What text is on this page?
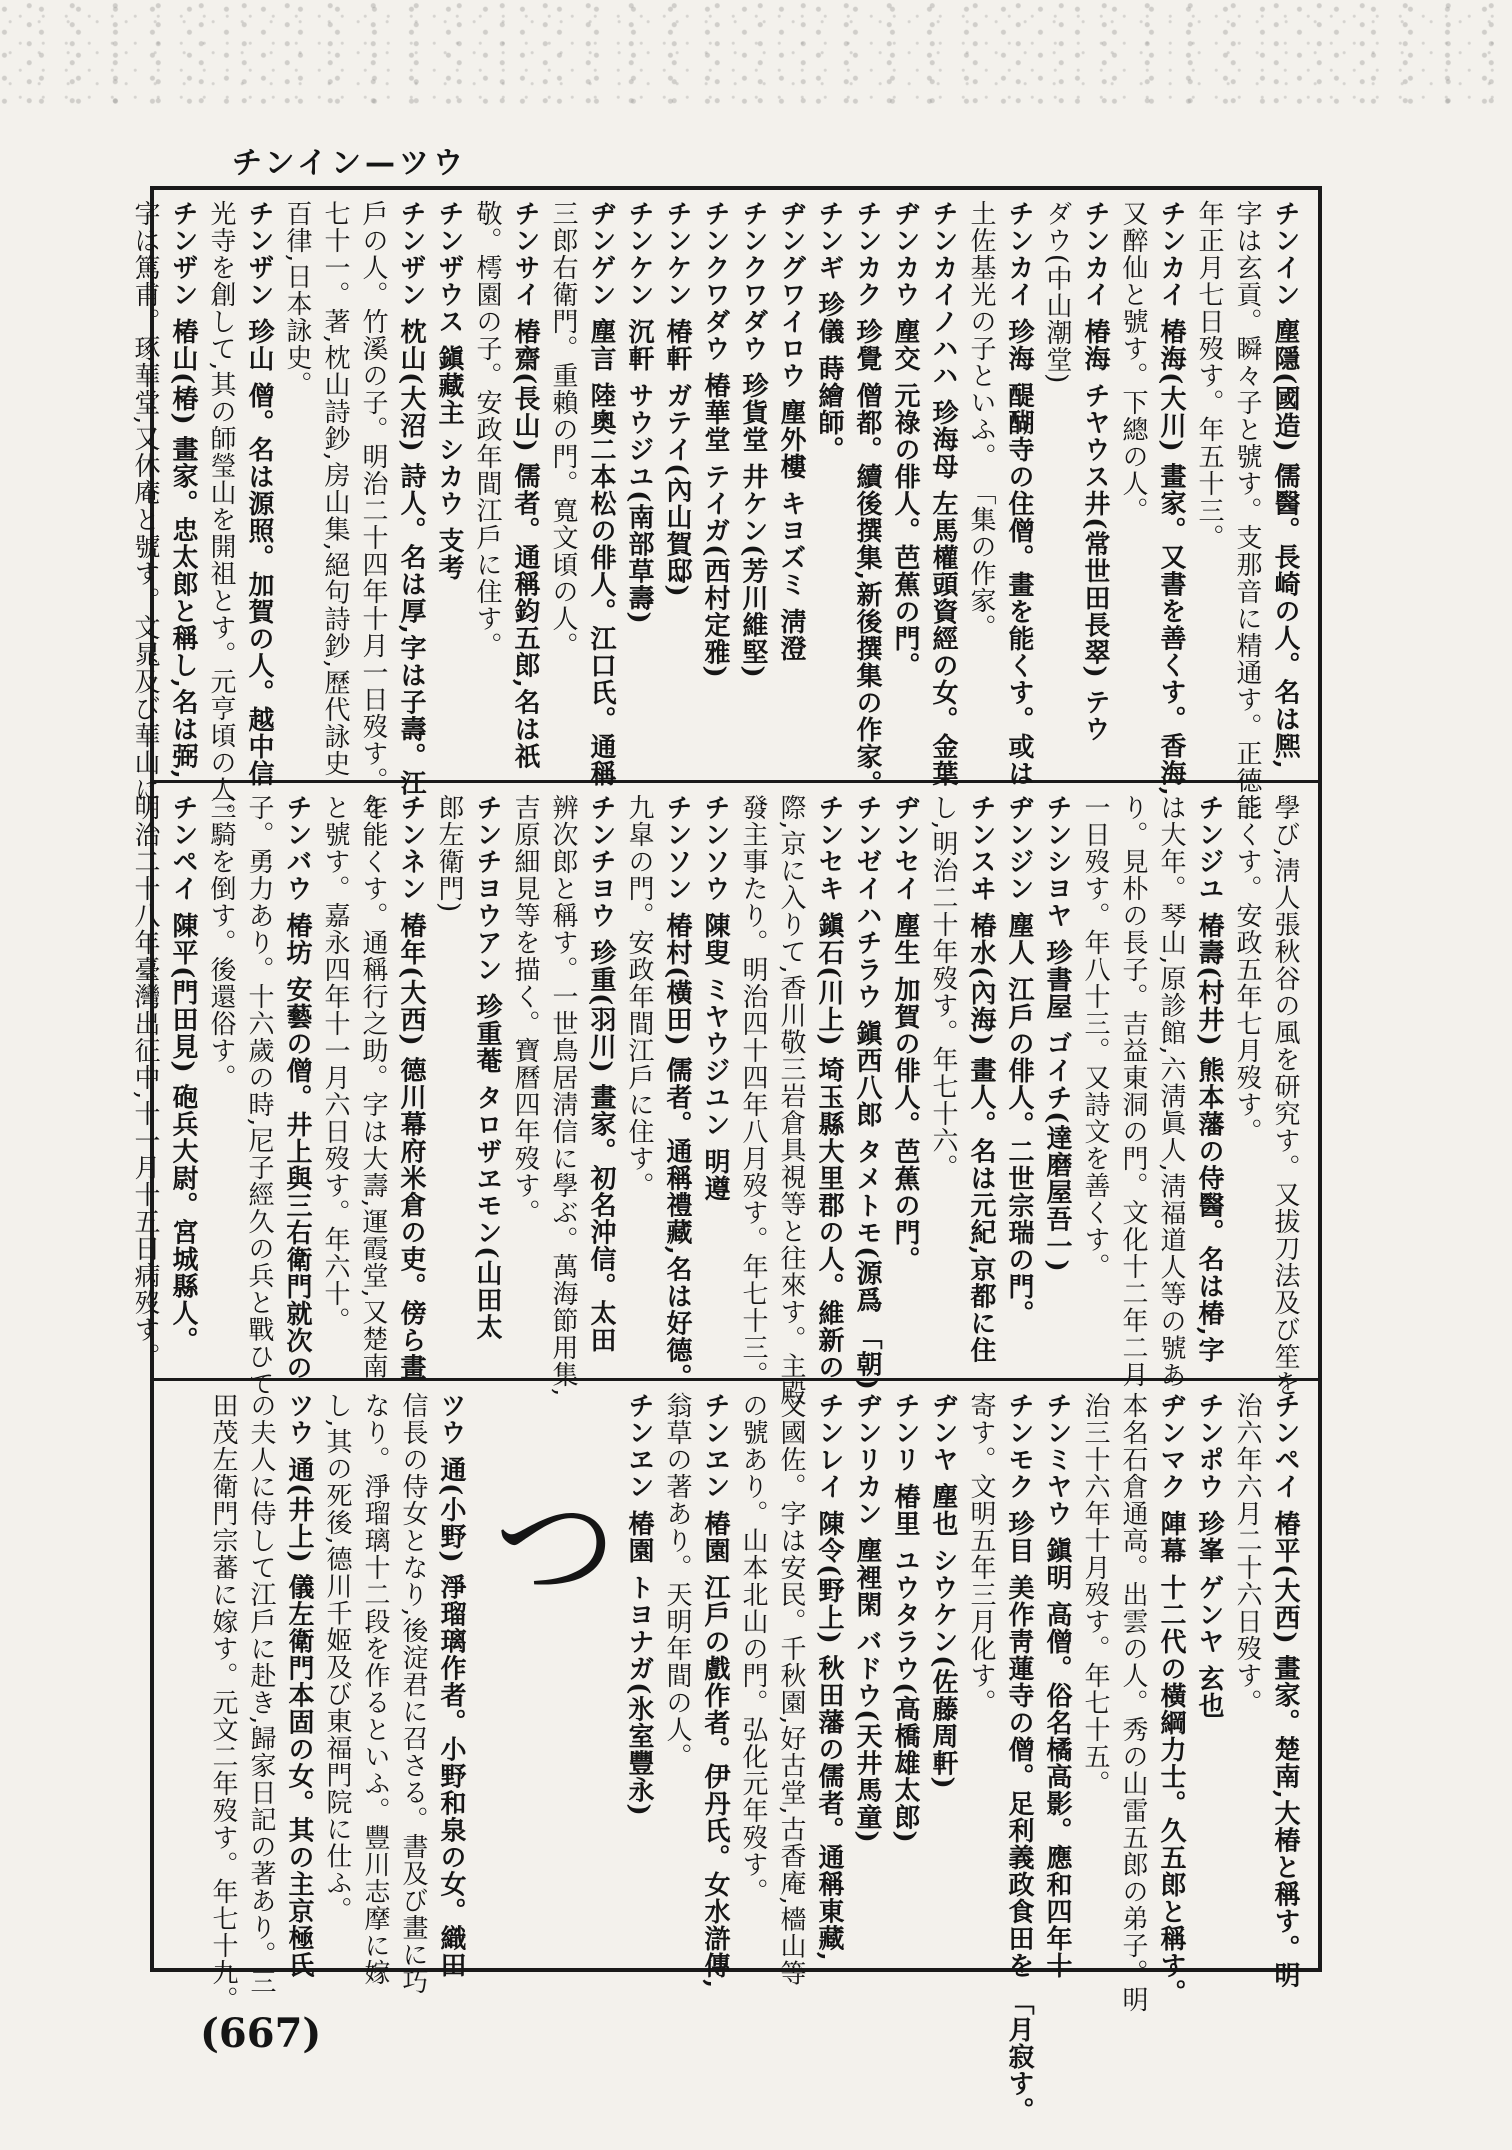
チンイン—ツウ
チンイン 塵隱(國造) 儒醫。長崎の人。名は熈,
字は玄貢。瞬々子と號す。支那音に精通す。正德三
年正月七日歿す。年五十三。
チンカイ 椿海(大川) 畫家。又書を善くす。香海,
又醉仙と號す。下總の人。
チンカイ 椿海 チヤウス井(常世田長翠) テウ
ダウ(中山潮堂)
チンカイ 珍海 醍醐寺の住僧。畫を能くす。或は
土佐基光の子といふ。 「集の作家。
チンカイノハハ 珍海母 左馬權頭資經の女。金葉
ヂンカウ 塵交 元祿の俳人。芭蕉の門。
チンカク 珍覺 僧都。續後撰集,新後撰集の作家。
チンギ 珍儀 蒔繪師。
ヂングワイロウ 塵外樓 キヨズミ 淸澄
チンクワダウ 珍貨堂 井ケン(芳川維堅)
チンクワダウ 椿華堂 テイガ(西村定雅)
チンケン 椿軒 ガテイ(內山賀邸)
チンケン 沉軒 サウジユ(南部草壽)
ヂンゲン 塵言 陸奧二本松の俳人。江口氏。通稱
三郎右衛門。重賴の門。寬文頃の人。
チンサイ 椿齋(長山) 儒者。通稱鈞五郎,名は祇
敬。樗園の子。安政年間江戶に住す。
チンザウス 鎭藏主 シカウ 支考
チンザン 枕山(大沼) 詩人。名は厚,字は子壽。江
戶の人。竹溪の子。明治二十四年十月一日歿す。年
七十一。著,枕山詩鈔,房山集,絕句詩鈔,歷代詠史
百律,日本詠史。
チンザン 珍山 僧。名は源照。加賀の人。越中信
光寺を創して,其の師瑩山を開祖とす。元亨頃の人。
チンザン 椿山(椿) 畫家。忠太郎と稱し,名は弼,
字は篤甫。琢華堂,又休庵と號す。文晁及び華山に
學び,淸人張秋谷の風を研究す。又拔刀法及び笙を
能くす。安政五年七月歿す。
チンジユ 椿壽(村井) 熊本藩の侍醫。名は椿,字
は大年。琴山,原診館,六淸眞人,淸福道人等の號あ
り。見朴の長子。吉益東洞の門。文化十二年二月
一日歿す。年八十三。又詩文を善くす。
チンシヨヤ 珍書屋 ゴイチ(達磨屋吾一)
ヂンジン 塵人 江戶の俳人。二世宗瑞の門。
チンスヰ 椿水(內海) 畫人。名は元紀,京都に住
し,明治二十年歿す。年七十六。
ヂンセイ 塵生 加賀の俳人。芭蕉の門。
チンゼイハチラウ 鎭西八郎 タメトモ(源爲 「朝)
チンセキ 鎭石(川上) 埼玉縣大里郡の人。維新の
際,京に入りて,香川敬三岩倉具視等と往來す。主殿
發主事たり。明治四十四年八月歿す。年七十三。
チンソウ 陳叟 ミヤウジユン 明遵
チンソン 椿村(橫田) 儒者。通稱禮藏,名は好德。
九皐の門。安政年間江戶に住す。
チンチヨウ 珍重(羽川) 畫家。初名沖信。太田
辨次郎と稱す。一世鳥居淸信に學ぶ。萬海節用集,
吉原細見等を描く。寶曆四年歿す。
チンチヨウアン 珍重菴 タロザヱモン(山田太
郎左衛門)
チンネン 椿年(大西) 德川幕府米倉の吏。傍ら畫
を能くす。通稱行之助。字は大壽,運霞堂,又楚南
と號す。嘉永四年十一月六日歿す。年六十。
チンバウ 椿坊 安藝の僧。井上與三右衛門就次の
子。勇力あり。十六歲の時,尼子經久の兵と戰ひて
三騎を倒す。後還俗す。
チンペイ 陳平(門田見) 砲兵大尉。宮城縣人。
明治二十八年臺灣出征中,十一月十五日病歿す。
チンペイ 椿平(大西) 畫家。楚南,大椿と稱す。明
治六年六月二十六日歿す。
チンポウ 珍峯 ゲンヤ 玄也
ヂンマク 陣幕 十二代の橫綱力士。久五郎と稱す。
本名石倉通高。出雲の人。秀の山雷五郎の弟子。明
治三十六年十月歿す。年七十五。
チンミヤウ 鎭明 高僧。俗名橘高影。應和四年十
チンモク 珍目 美作靑蓮寺の僧。足利義政食田を 「月寂す。
寄す。文明五年三月化す。
ヂンヤ 塵也 シウケン(佐藤周軒)
チンリ 椿里 ユウタラウ(高橋雄太郎)
ヂンリカン 塵裡閑 バドウ(天井馬童)
チンレイ 陳令(野上) 秋田藩の儒者。通稱東藏,
又國佐。字は安民。千秋園,好古堂,古香庵,檣山等
の號あり。山本北山の門。弘化元年歿す。
チンヱン 椿園 江戶の戲作者。伊丹氏。女水滸傳,
翁草の著あり。天明年間の人。
チンヱン 椿園 トヨナガ(氷室豐永)
つ
ツウ 通(小野) 淨瑠璃作者。小野和泉の女。織田
信長の侍女となり,後淀君に召さる。書及び畫に巧
なり。淨瑠璃十二段を作るといふ。豐川志摩に嫁
し,其の死後,德川千姬及び東福門院に仕ふ。
ツウ 通(井上) 儀左衛門本固の女。其の主京極氏
の夫人に侍して江戶に赴き,歸家日記の著あり。三
田茂左衛門宗蕃に嫁す。元文二年歿す。年七十九。
(667)
